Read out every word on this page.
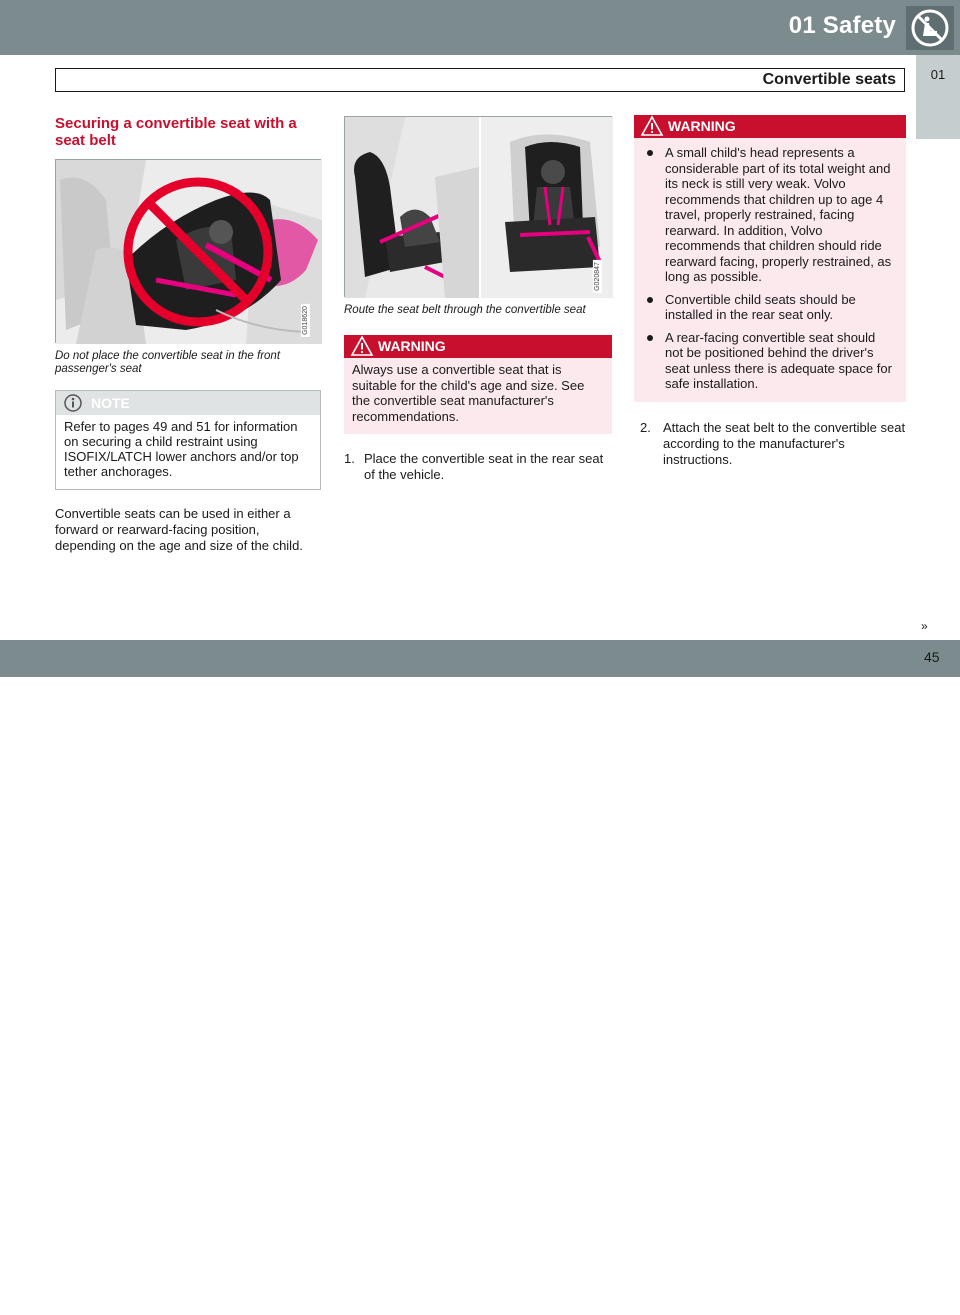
01 Safety
01
Convertible seats
Securing a convertible seat with a seat belt
G018620
Do not place the convertible seat in the front passenger's seat
NOTE
Refer to pages 49 and 51 for information on securing a child restraint using ISOFIX/LATCH lower anchors and/or top tether anchorages.
Convertible seats can be used in either a forward or rearward-facing position, depending on the age and size of the child.
G020847
Route the seat belt through the convertible seat
WARNING
Always use a convertible seat that is suitable for the child's age and size. See the convertible seat manufacturer's recommendations.
1. Place the convertible seat in the rear seat of the vehicle.
WARNING
A small child's head represents a considerable part of its total weight and its neck is still very weak. Volvo recommends that children up to age 4 travel, properly restrained, facing rearward. In addition, Volvo recommends that children should ride rearward facing, properly restrained, as long as possible.
Convertible child seats should be installed in the rear seat only.
A rear-facing convertible seat should not be positioned behind the driver's seat unless there is adequate space for safe installation.
2. Attach the seat belt to the convertible seat according to the manufacturer's instructions.
carmanualsonline.info
»
45
